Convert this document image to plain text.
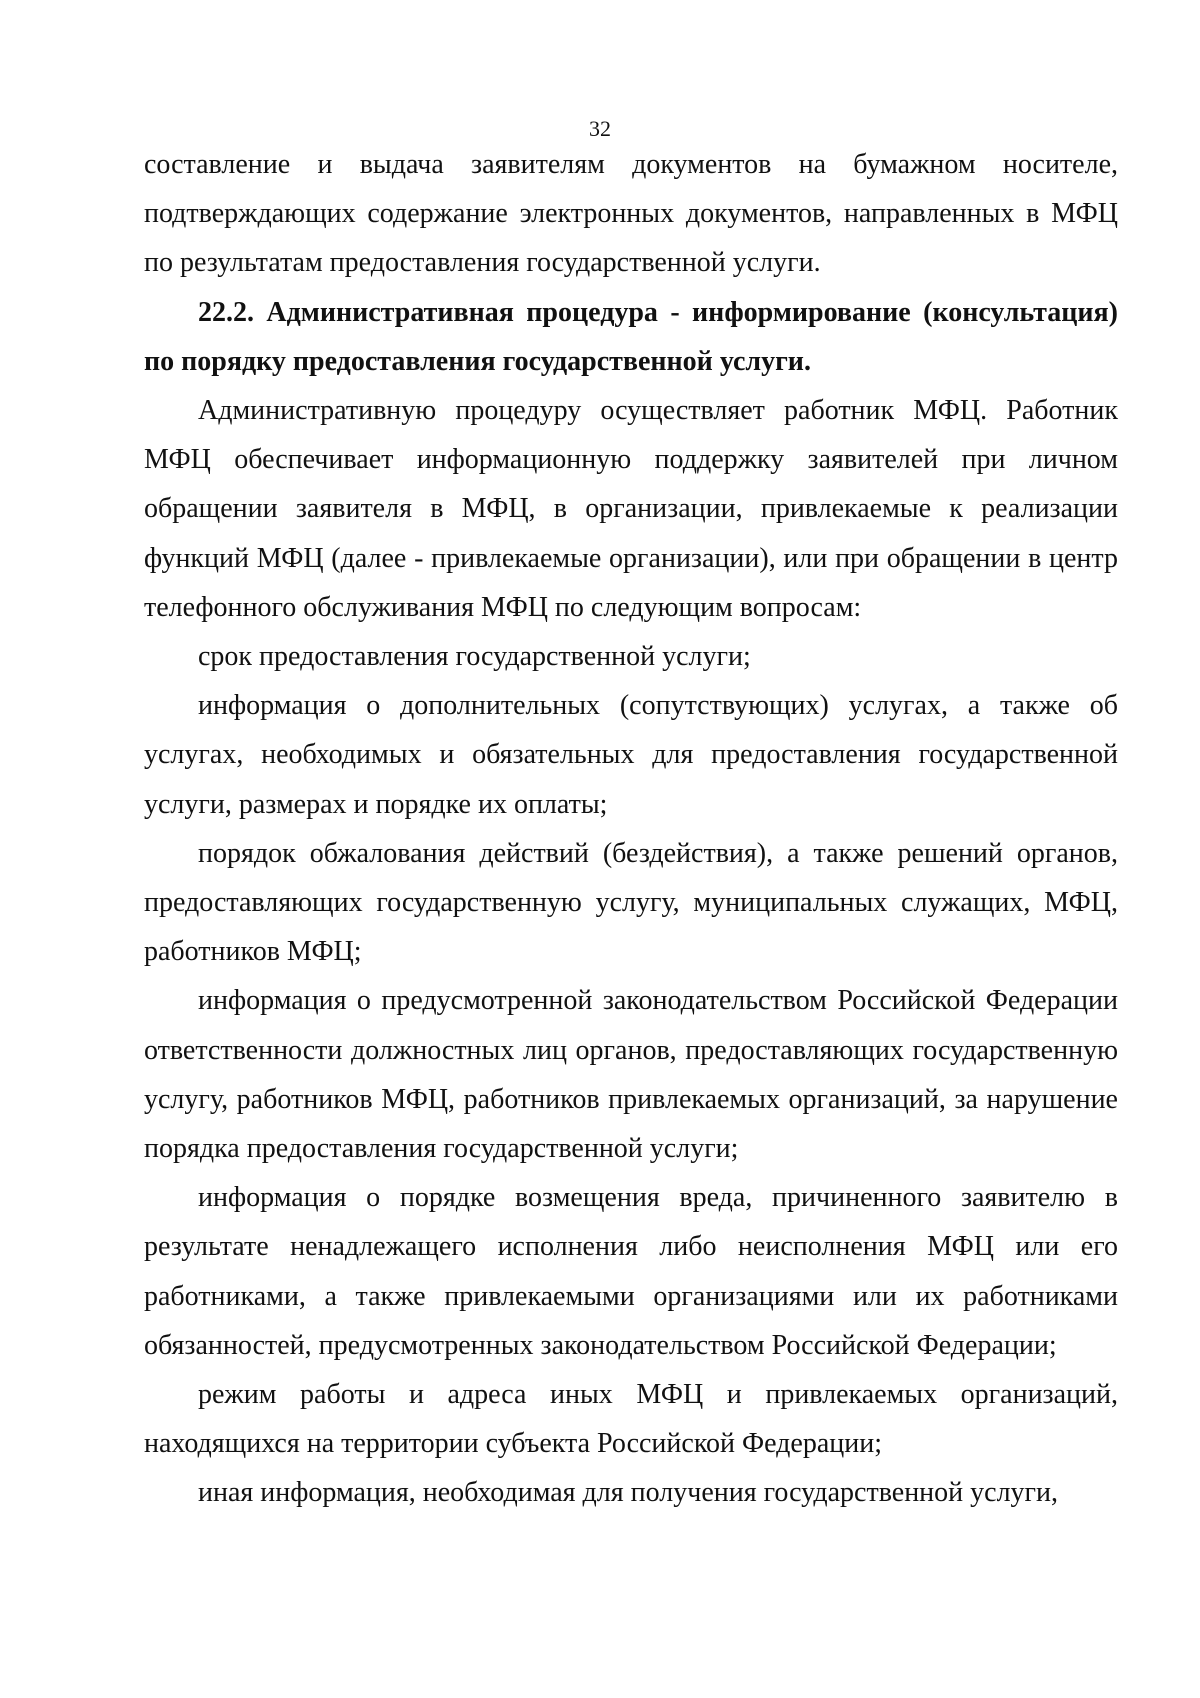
32

составление и выдача заявителям документов на бумажном носителе, подтверждающих содержание электронных документов, направленных в МФЦ по результатам предоставления государственной услуги.

22.2. Административная процедура - информирование (консультация) по порядку предоставления государственной услуги.

Административную процедуру осуществляет работник МФЦ. Работник МФЦ обеспечивает информационную поддержку заявителей при личном обращении заявителя в МФЦ, в организации, привлекаемые к реализации функций МФЦ (далее - привлекаемые организации), или при обращении в центр телефонного обслуживания МФЦ по следующим вопросам:

срок предоставления государственной услуги;

информация о дополнительных (сопутствующих) услугах, а также об услугах, необходимых и обязательных для предоставления государственной услуги, размерах и порядке их оплаты;

порядок обжалования действий (бездействия), а также решений органов, предоставляющих государственную услугу, муниципальных служащих, МФЦ, работников МФЦ;

информация о предусмотренной законодательством Российской Федерации ответственности должностных лиц органов, предоставляющих государственную услугу, работников МФЦ, работников привлекаемых организаций, за нарушение порядка предоставления государственной услуги;

информация о порядке возмещения вреда, причиненного заявителю в результате ненадлежащего исполнения либо неисполнения МФЦ или его работниками, а также привлекаемыми организациями или их работниками обязанностей, предусмотренных законодательством Российской Федерации;

режим работы и адреса иных МФЦ и привлекаемых организаций, находящихся на территории субъекта Российской Федерации;

иная информация, необходимая для получения государственной услуги,
